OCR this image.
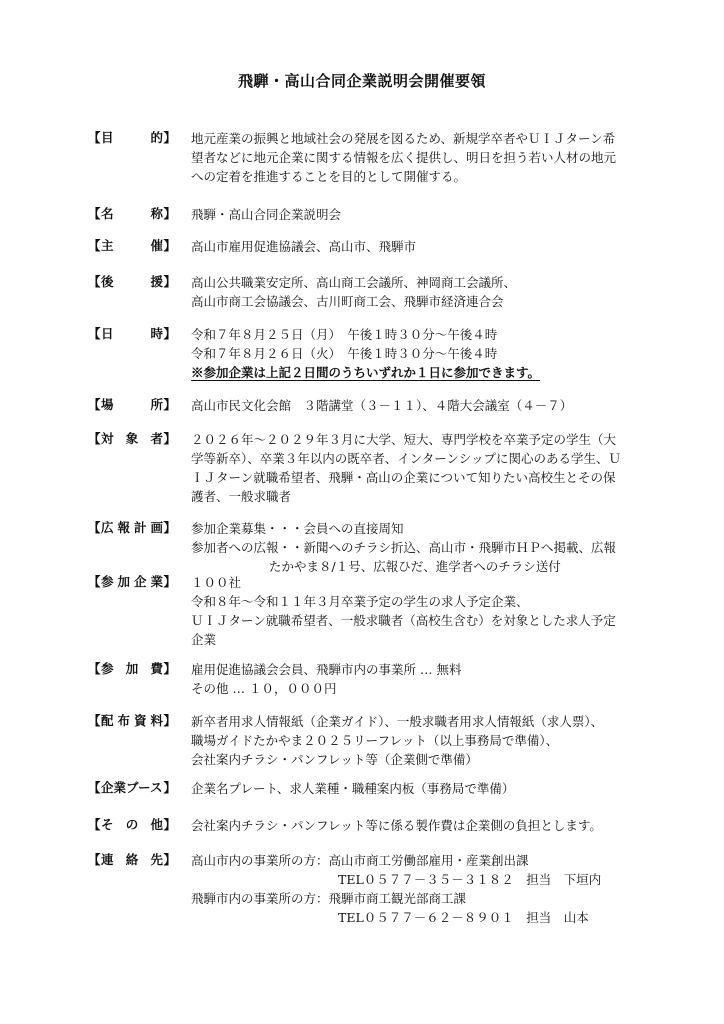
飛騨・高山合同企業説明会開催要領
【 目	的 】 地元産業の振興と地域社会の発展を図るため、新規学卒者やＵＩＪターン希
望者などに地元企業に関する情報を広く提供し、明日を担う若い人材の地元
への定着を推進することを目的として開催する。
【 名	称 】 飛騨・高山合同企業説明会
【 主	催 】 高山市雇用促進協議会、高山市、飛騨市
【 後	援 】 高山公共職業安定所、高山商工会議所、神岡商工会議所、
高山市商工会協議会、古川町商工会、飛騨市経済連合会
【 日	時 】 令和７年８月２５日（月）　午後１時３０分～午後４時
令和７年８月２６日（火）　午後１時３０分～午後４時
※参加企業は上記２日間のうちいずれか１日に参加できます。
【 場	所 】 高山市民文化会館　３階講堂（３－１１）、４階大会議室（４－７）
【 対 象 者 】 ２０２６年～２０２９年３月に大学、短大、専門学校を卒業予定の学生（大
学等新卒）、卒業３年以内の既卒者、インターンシップに関心のある学生、Ｕ
ＩＪターン就職希望者、飛騨・高山の企業について知りたい高校生とその保
護者、一般求職者
【 広 報 計 画 】 参加企業募集・・・会員への直接周知
参加者への広報・・新聞へのチラシ折込、高山市・飛騨市ＨＰへ掲載、広報
たかやま８/１号、広報ひだ、進学者へのチラシ送付
【 参 加 企 業 】 １００社
令和８年～令和１１年３月卒業予定の学生の求人予定企業、
ＵＩＪターン就職希望者、一般求職者（高校生含む）を対象とした求人予定
企業
【 参 加 費 】 雇用促進協議会会員、飛騨市内の事業所 … 無料
その他 … １０，０００円
【 配 布 資 料 】 新卒者用求人情報紙（企業ガイド）、一般求職者用求人情報紙（求人票）、
職場ガイドたかやま２０２５リーフレット（以上事務局で準備）、
会社案内チラシ・パンフレット等（企業側で準備）
【 企業ブース 】 企業名プレート、求人業種・職種案内板（事務局で準備）
【 そ の 他 】 会社案内チラシ・パンフレット等に係る製作費は企業側の負担とします。
【 連 絡 先 】 高山市内の事業所の方：高山市商工労働部雇用・産業創出課
TEL０５７７－３５－３１８２　担当　下垣内
飛騨市内の事業所の方：飛騨市商工観光部商工課
TEL０５７７－６２－８９０１　担当　山本
